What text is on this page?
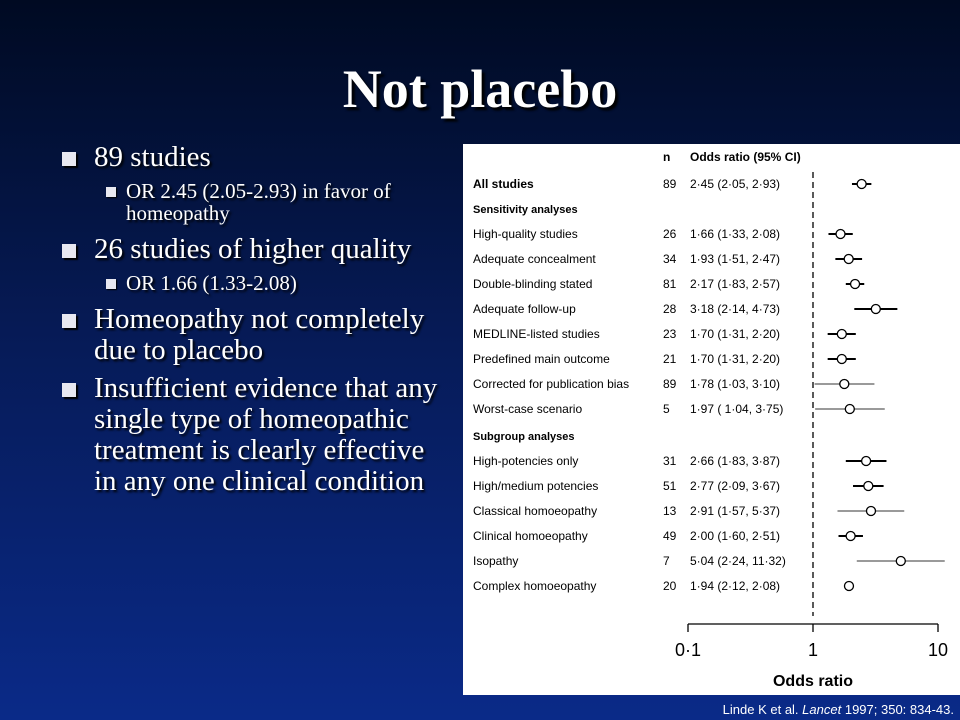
Not placebo
89 studies
OR 2.45 (2.05-2.93) in favor of homeopathy
26 studies of higher quality
OR 1.66 (1.33-2.08)
Homeopathy not completely due to placebo
Insufficient evidence that any single type of homeopathic treatment is clearly effective in any one clinical condition
n Odds ratio (95% CI)
All studies	89 2·45 (2·05, 2·93)
Sensitivity analyses
High-quality studies	26 1·66 (1·33, 2·08)
Adequate concealment	34 1·93 (1·51, 2·47)
Double-blinding stated	81 2·17 (1·83, 2·57)
Adequate follow-up	28 3·18 (2·14, 4·73)
MEDLINE-listed studies	23 1·70 (1·31, 2·20)
Predefined main outcome	21 1·70 (1·31, 2·20)
Corrected for publication bias	89 1·78 (1·03, 3·10)
Worst-case scenario	5 1·97 ( 1·04, 3·75)
Subgroup analyses
High-potencies only	31 2·66 (1·83, 3·87)
High/medium potencies	51 2·77 (2·09, 3·67)
Classical homoeopathy	13 2·91 (1·57, 5·37)
Clinical homoeopathy	49 2·00 (1·60, 2·51)
Isopathy	7 5·04 (2·24, 11·32)
Complex homoeopathy	20 1·94 (2·12, 2·08)
0·1	1	10
Odds ratio
Linde K et al. Lancet 1997; 350: 834-43.
